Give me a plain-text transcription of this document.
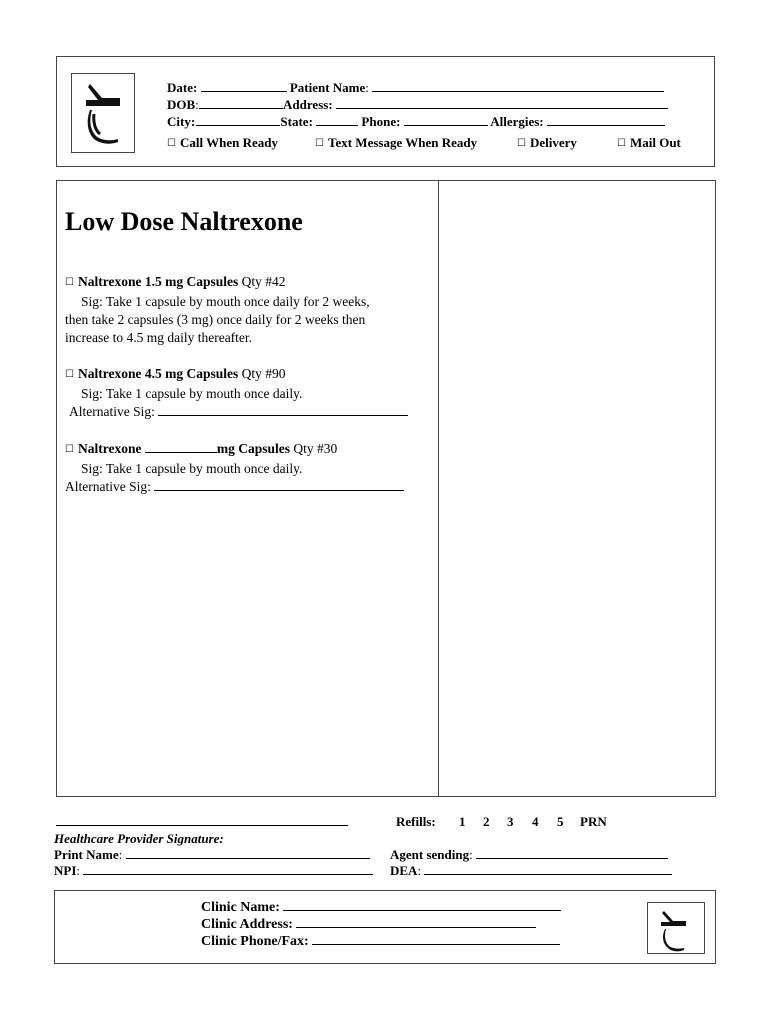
Date:	Patient Name:
DOB:	Address:
City:	State:	Phone:	Allergies:
☐ Call When Ready	☐ Text Message When Ready	☐ Delivery	☐ Mail Out
Low Dose Naltrexone
☐ Naltrexone 1.5 mg Capsules Qty #42
Sig: Take 1 capsule by mouth once daily for 2 weeks,
then take 2 capsules (3 mg) once daily for 2 weeks then
increase to 4.5 mg daily thereafter.
☐ Naltrexone 4.5 mg Capsules Qty #90
Sig: Take 1 capsule by mouth once daily.
Alternative Sig:
☐ Naltrexone	mg Capsules Qty #30
Sig: Take 1 capsule by mouth once daily.
Alternative Sig:
Refills: 1 2 3 4 5 PRN
Healthcare Provider Signature:
Print Name:	Agent sending:
NPI:	DEA:
Clinic Name:
Clinic Address:
Clinic Phone/Fax:
